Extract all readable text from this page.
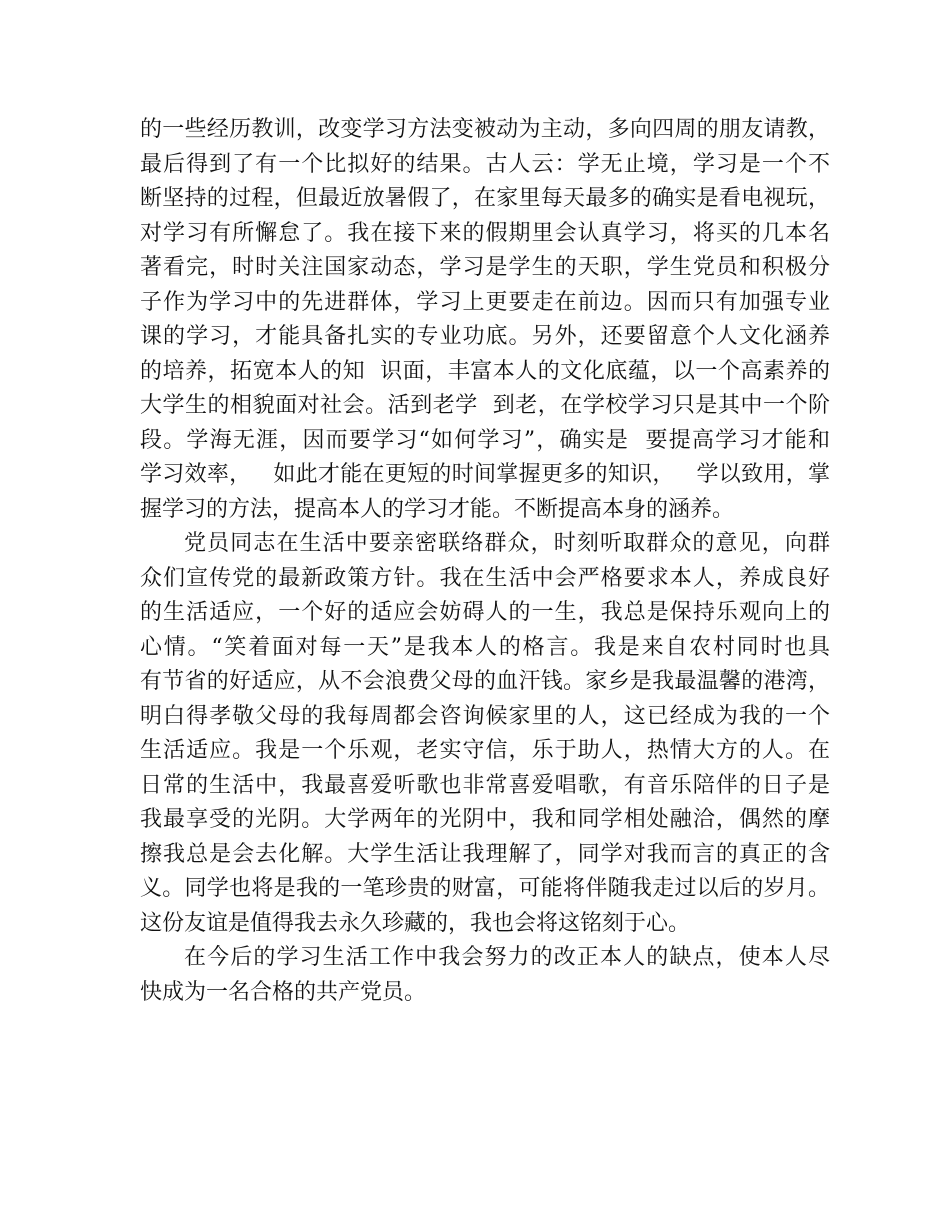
的一些经历教训，改变学习方法变被动为主动，多向四周的朋友请教，
最后得到了有一个比拟好的结果。古人云：学无止境，学习是一个不
断坚持的过程，但最近放暑假了，在家里每天最多的确实是看电视玩，
对学习有所懈怠了。我在接下来的假期里会认真学习，将买的几本名
著看完，时时关注国家动态，学习是学生的天职，学生党员和积极分
子作为学习中的先进群体，学习上更要走在前边。因而只有加强专业
课的学习，才能具备扎实的专业功底。另外，还要留意个人文化涵养
的培养，拓宽本人的知  识面，丰富本人的文化底蕴，以一个高素养的
大学生的相貌面对社会。活到老学  到老，在学校学习只是其中一个阶
段。学海无涯，因而要学习“如何学习”，确实是  要提高学习才能和
学习效率，   如此才能在更短的时间掌握更多的知识，   学以致用，掌
握学习的方法，提高本人的学习才能。不断提高本身的涵养。
党员同志在生活中要亲密联络群众，时刻听取群众的意见，向群
众们宣传党的最新政策方针。我在生活中会严格要求本人，养成良好
的生活适应，一个好的适应会妨碍人的一生，我总是保持乐观向上的
心情。“笑着面对每一天”是我本人的格言。我是来自农村同时也具
有节省的好适应，从不会浪费父母的血汗钱。家乡是我最温馨的港湾，
明白得孝敬父母的我每周都会咨询候家里的人，这已经成为我的一个
生活适应。我是一个乐观，老实守信，乐于助人，热情大方的人。在
日常的生活中，我最喜爱听歌也非常喜爱唱歌，有音乐陪伴的日子是
我最享受的光阴。大学两年的光阴中，我和同学相处融洽，偶然的摩
擦我总是会去化解。大学生活让我理解了，同学对我而言的真正的含
义。同学也将是我的一笔珍贵的财富，可能将伴随我走过以后的岁月。
这份友谊是值得我去永久珍藏的，我也会将这铭刻于心。
在今后的学习生活工作中我会努力的改正本人的缺点，使本人尽
快成为一名合格的共产党员。
